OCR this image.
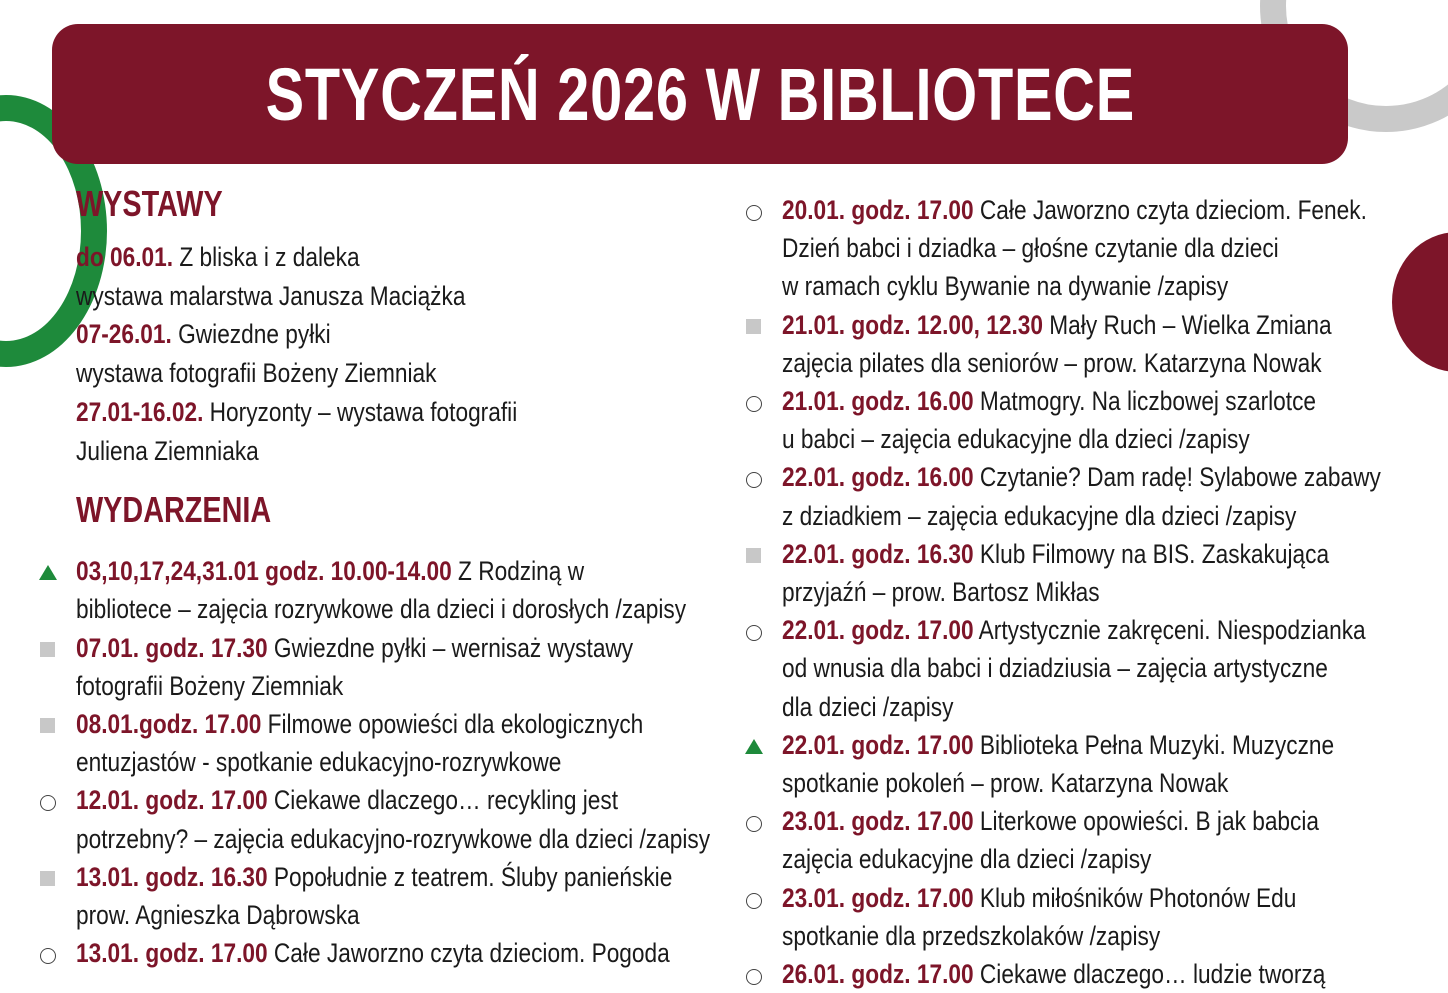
STYCZEŃ 2026 W BIBLIOTECE
WYSTAWY
do 06.01. Z bliska i z daleka
wystawa malarstwa Janusza Maciążka
07-26.01. Gwiezdne pyłki
wystawa fotografii Bożeny Ziemniak
27.01-16.02. Horyzonty – wystawa fotografii
Juliena Ziemniaka
WYDARZENIA
03,10,17,24,31.01 godz. 10.00-14.00 Z Rodziną w
bibliotece – zajęcia rozrywkowe dla dzieci i dorosłych /zapisy
07.01. godz. 17.30 Gwiezdne pyłki – wernisaż wystawy
fotografii Bożeny Ziemniak
08.01.godz. 17.00 Filmowe opowieści dla ekologicznych
entuzjastów - spotkanie edukacyjno-rozrywkowe
12.01. godz. 17.00 Ciekawe dlaczego… recykling jest
potrzebny? – zajęcia edukacyjno-rozrywkowe dla dzieci /zapisy
13.01. godz. 16.30 Popołudnie z teatrem. Śluby panieńskie
prow. Agnieszka Dąbrowska
13.01. godz. 17.00 Całe Jaworzno czyta dzieciom. Pogoda
20.01. godz. 17.00 Całe Jaworzno czyta dzieciom. Fenek.
Dzień babci i dziadka – głośne czytanie dla dzieci
w ramach cyklu Bywanie na dywanie /zapisy
21.01. godz. 12.00, 12.30 Mały Ruch – Wielka Zmiana
zajęcia pilates dla seniorów – prow. Katarzyna Nowak
21.01. godz. 16.00 Matmogry. Na liczbowej szarlotce
u babci – zajęcia edukacyjne dla dzieci /zapisy
22.01. godz. 16.00 Czytanie? Dam radę! Sylabowe zabawy
z dziadkiem – zajęcia edukacyjne dla dzieci /zapisy
22.01. godz. 16.30 Klub Filmowy na BIS. Zaskakująca
przyjaźń – prow. Bartosz Mikłas
22.01. godz. 17.00 Artystycznie zakręceni. Niespodzianka
od wnusia dla babci i dziadziusia – zajęcia artystyczne
dla dzieci /zapisy
22.01. godz. 17.00 Biblioteka Pełna Muzyki. Muzyczne
spotkanie pokoleń – prow. Katarzyna Nowak
23.01. godz. 17.00 Literkowe opowieści. B jak babcia
zajęcia edukacyjne dla dzieci /zapisy
23.01. godz. 17.00 Klub miłośników Photonów Edu
spotkanie dla przedszkolaków /zapisy
26.01. godz. 17.00 Ciekawe dlaczego… ludzie tworzą
